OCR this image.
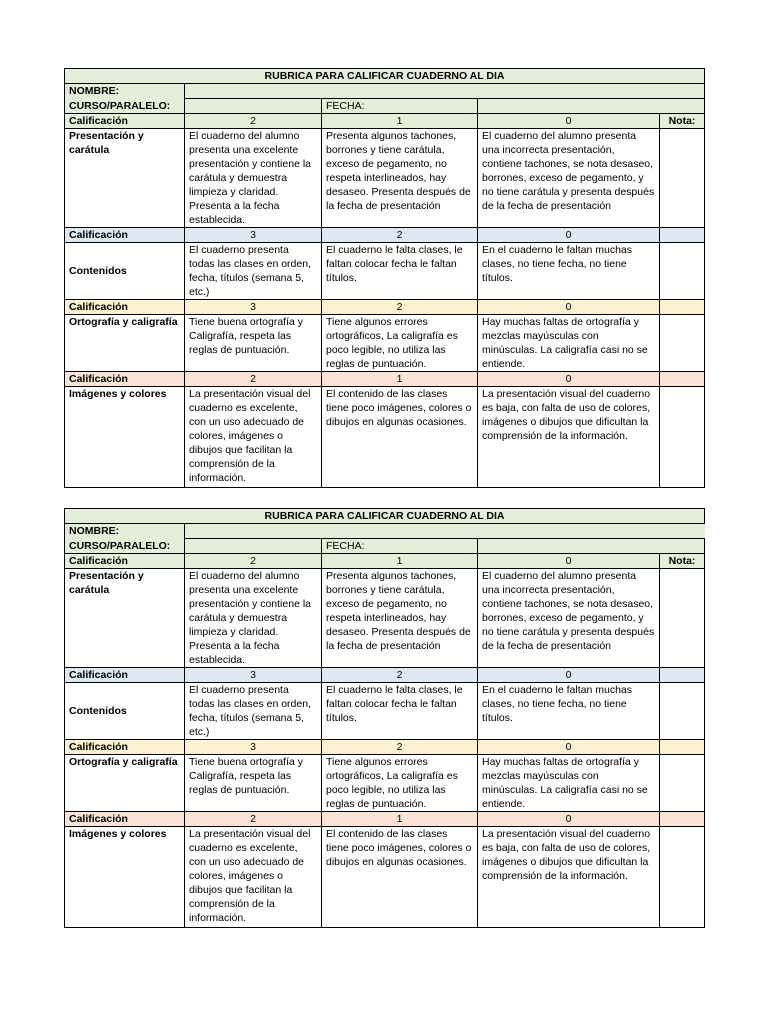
RUBRICA PARA CALIFICAR CUADERNO AL DIA				
NOMBRE:				
CURSO/PARALELO:		FECHA:		
Calificación	2	1	0	Nota:
Presentación y carátula	El cuaderno del alumno presenta una excelente presentación y contiene la carátula y demuestra limpieza y claridad. Presenta a la fecha establecida.	Presenta algunos tachones, borrones y tiene carátula, exceso de pegamento, no respeta interlineados, hay desaseo. Presenta después de la fecha de presentación	El cuaderno del alumno presenta una incorrecta presentación, contiene tachones, se nota desaseo, borrones, exceso de pegamento, y no tiene carátula y presenta después de la fecha de presentación	
Calificación	3	2	0	
Contenidos	El cuaderno presenta todas las clases en orden, fecha, títulos (semana 5, etc.)	El cuaderno le falta clases, le faltan colocar fecha le faltan títulos.	En el cuaderno le faltan muchas clases, no tiene fecha, no tiene títulos.	
Calificación	3	2	0	
Ortografía y caligrafía	Tiene buena ortografía y Caligrafía, respeta las reglas de puntuación.	Tiene algunos errores ortográficos, La caligrafía es poco legible, no utiliza las reglas de puntuación.	Hay muchas faltas de ortografía y mezclas mayúsculas con minúsculas. La caligrafía casi no se entiende.	
Calificación	2	1	0	
Imágenes y colores	La presentación visual del cuaderno es excelente, con un uso adecuado de colores, imágenes o dibujos que facilitan la comprensión de la información.	El contenido de las clases tiene poco imágenes, colores o dibujos en algunas ocasiones.	La presentación visual del cuaderno es baja, con falta de uso de colores, imágenes o dibujos que dificultan la comprensión de la información.	
RUBRICA PARA CALIFICAR CUADERNO AL DIA				
NOMBRE:				
CURSO/PARALELO:		FECHA:		
Calificación	2	1	0	Nota:
Presentación y carátula	El cuaderno del alumno presenta una excelente presentación y contiene la carátula y demuestra limpieza y claridad. Presenta a la fecha establecida.	Presenta algunos tachones, borrones y tiene carátula, exceso de pegamento, no respeta interlineados, hay desaseo. Presenta después de la fecha de presentación	El cuaderno del alumno presenta una incorrecta presentación, contiene tachones, se nota desaseo, borrones, exceso de pegamento, y no tiene carátula y presenta después de la fecha de presentación	
Calificación	3	2	0	
Contenidos	El cuaderno presenta todas las clases en orden, fecha, títulos (semana 5, etc.)	El cuaderno le falta clases, le faltan colocar fecha le faltan títulos.	En el cuaderno le faltan muchas clases, no tiene fecha, no tiene títulos.	
Calificación	3	2	0	
Ortografía y caligrafía	Tiene buena ortografía y Caligrafía, respeta las reglas de puntuación.	Tiene algunos errores ortográficos, La caligrafía es poco legible, no utiliza las reglas de puntuación.	Hay muchas faltas de ortografía y mezclas mayúsculas con minúsculas. La caligrafía casi no se entiende.	
Calificación	2	1	0	
Imágenes y colores	La presentación visual del cuaderno es excelente, con un uso adecuado de colores, imágenes o dibujos que facilitan la comprensión de la información.	El contenido de las clases tiene poco imágenes, colores o dibujos en algunas ocasiones.	La presentación visual del cuaderno es baja, con falta de uso de colores, imágenes o dibujos que dificultan la comprensión de la información.	
